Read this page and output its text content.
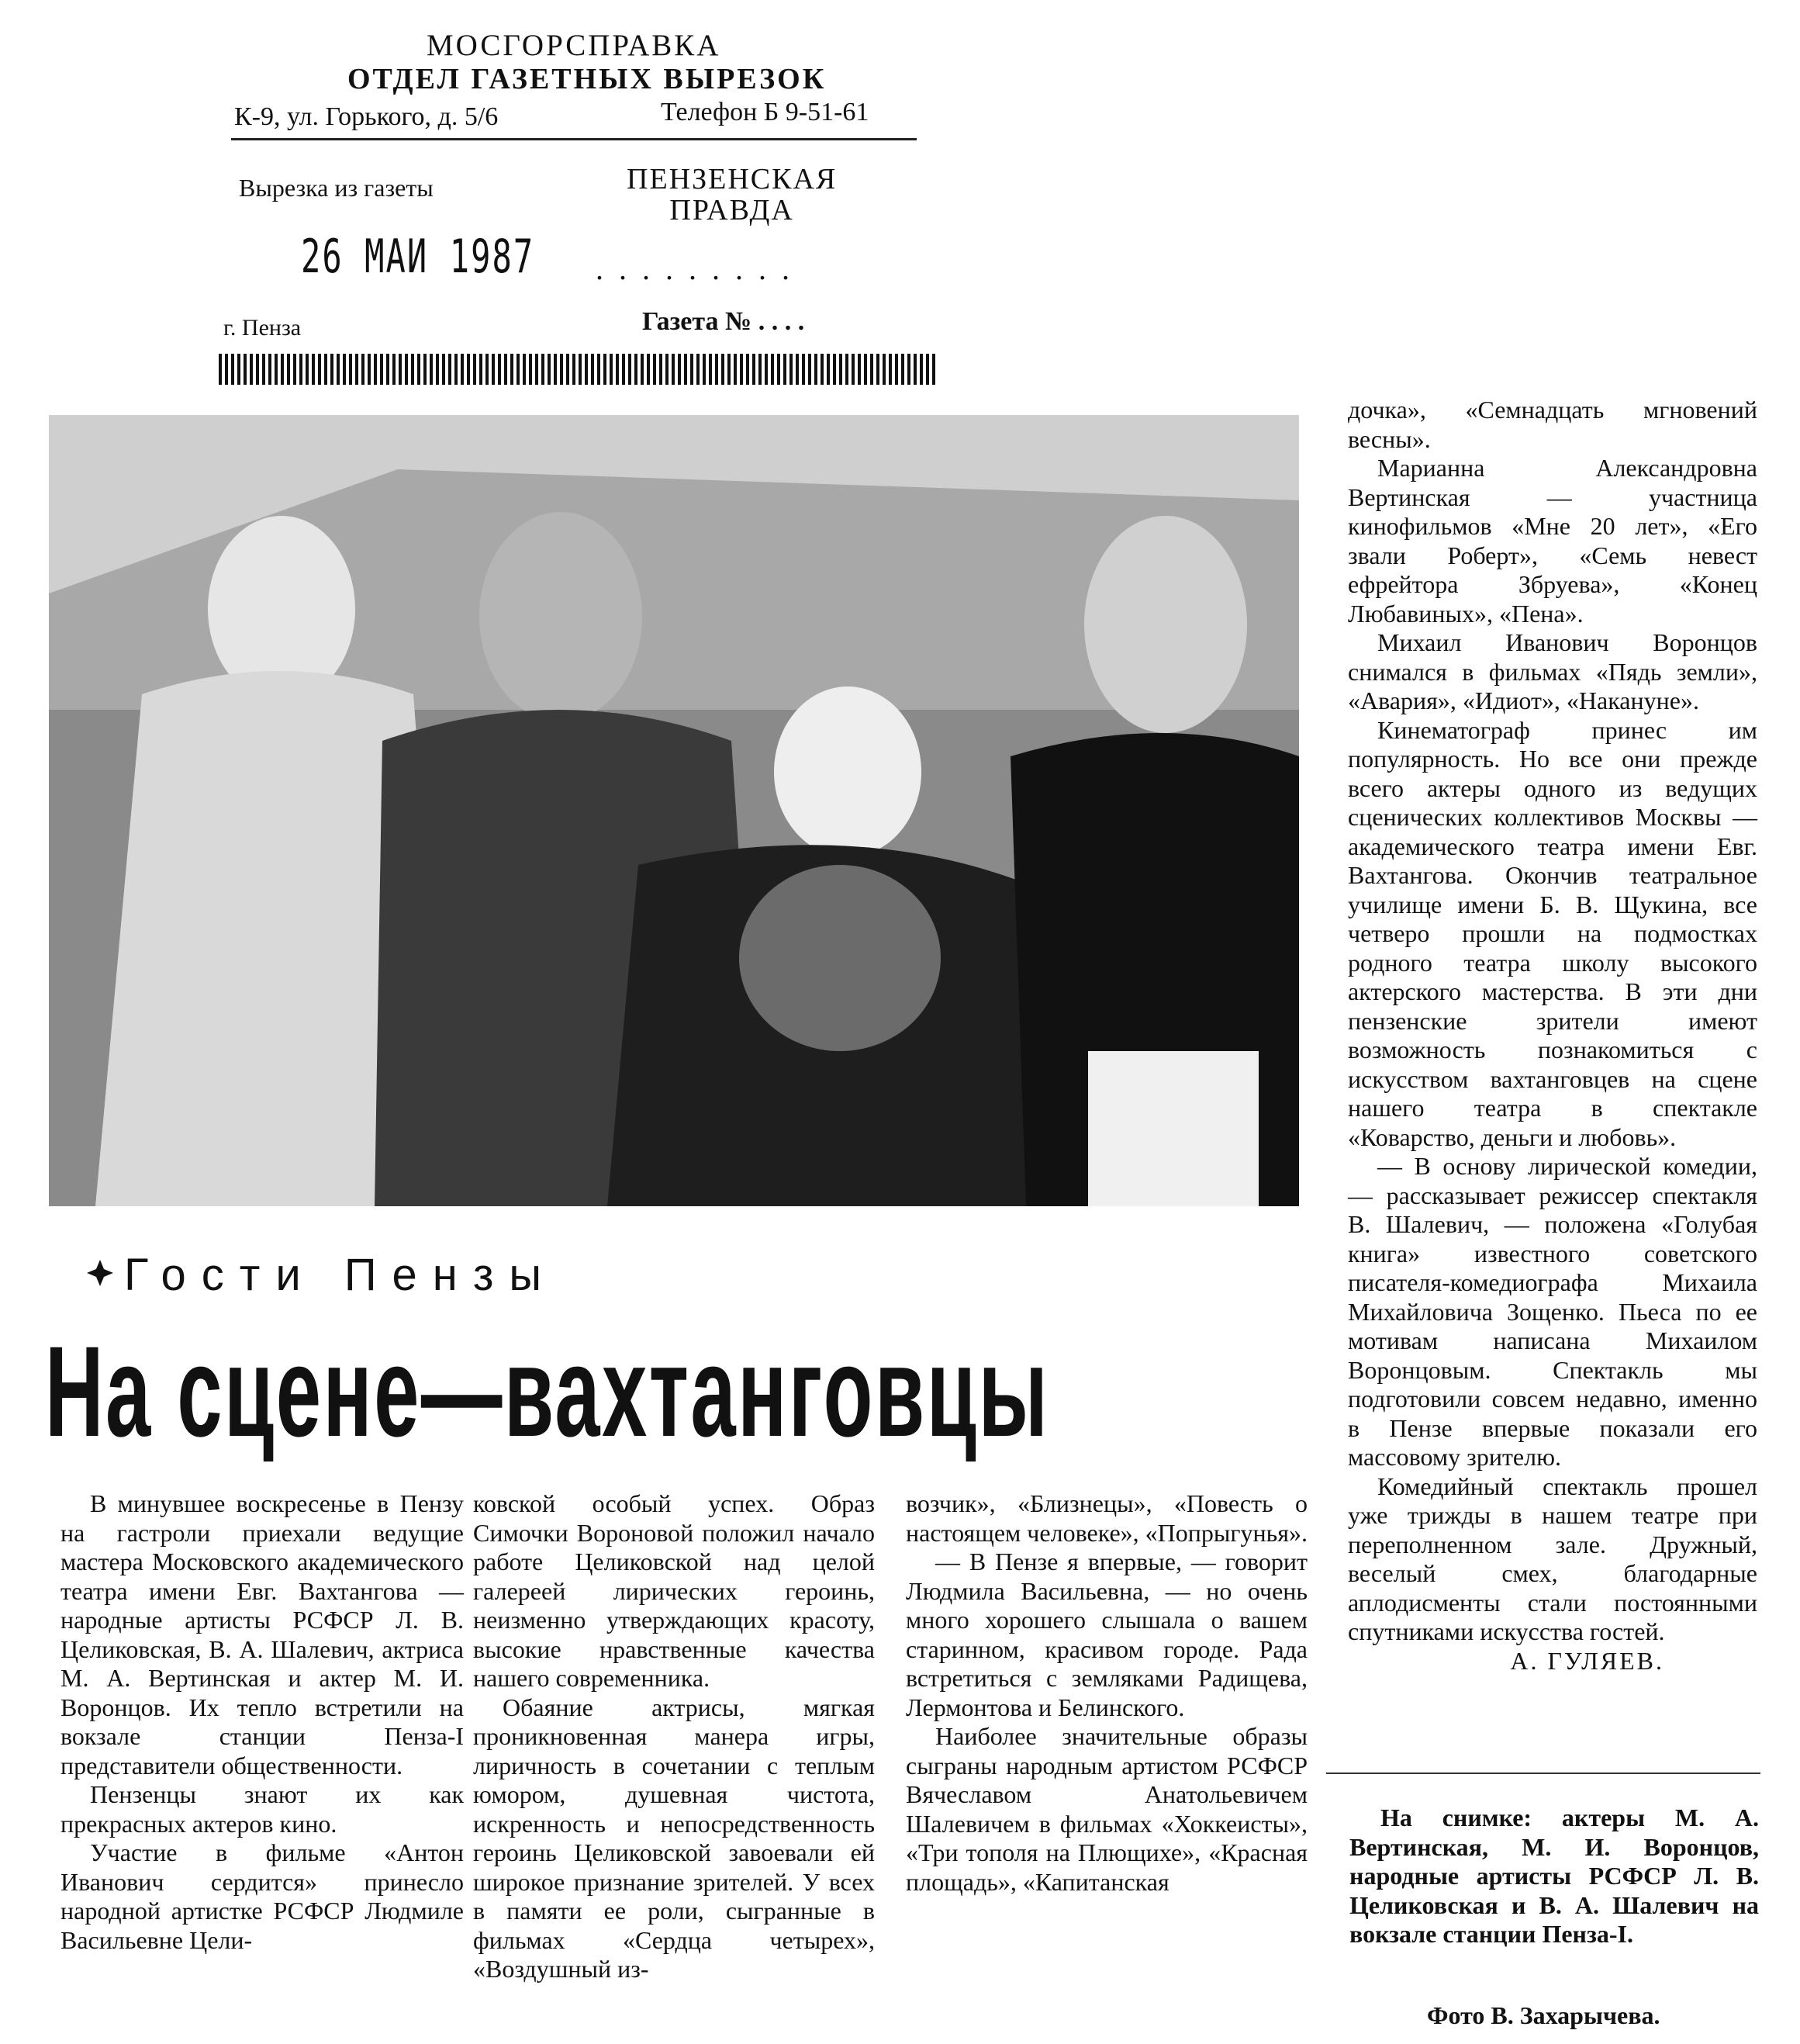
МОСГОРСПРАВКА
ОТДЕЛ ГАЗЕТНЫХ ВЫРЕЗОК
К-9, ул. Горького, д. 5/6	Телефон Б 9-51-61
Вырезка из газеты	ПЕНЗЕНСКАЯ
ПРАВДА
26 МАИ 1987 .........
г. Пенза	Газета № . . . .
Гости Пензы
На сцене—вахтанговцы

В минувшее воскресенье в Пензу на гастроли приехали ведущие мастера Московского академического театра имени Евг. Вахтангова — народные артисты РСФСР Л. В. Целиковская, В. А. Шалевич, актриса М. А. Вертинская и актер М. И. Воронцов. Их тепло встретили на вокзале станции Пенза-I представители общественности.

Пензенцы знают их как прекрасных актеров кино.

Участие в фильме «Антон Иванович сердится» принесло народной артистке РСФСР Людмиле Васильевне Цели-

ковской особый успех. Образ Симочки Вороновой положил начало работе Целиковской над целой галереей лирических героинь, неизменно утверждающих красоту, высокие нравственные качества нашего современника.

Обаяние актрисы, мягкая проникновенная манера игры, лиричность в сочетании с теплым юмором, душевная чистота, искренность и непосредственность героинь Целиковской завоевали ей широкое признание зрителей. У всех в памяти ее роли, сыгранные в фильмах «Сердца четырех», «Воздушный из-

возчик», «Близнецы», «Повесть о настоящем человеке», «Попрыгунья».

— В Пензе я впервые, — говорит Людмила Васильевна, — но очень много хорошего слышала о вашем старинном, красивом городе. Рада встретиться с земляками Радищева, Лермонтова и Белинского.

Наиболее значительные образы сыграны народным артистом РСФСР Вячеславом Анатольевичем Шалевичем в фильмах «Хоккеисты», «Три тополя на Плющихе», «Красная площадь», «Капитанская

дочка», «Семнадцать мгновений весны».

Марианна Александровна Вертинская — участница кинофильмов «Мне 20 лет», «Его звали Роберт», «Семь невест ефрейтора Збруева», «Конец Любавиных», «Пена».

Михаил Иванович Воронцов снимался в фильмах «Пядь земли», «Авария», «Идиот», «Накануне».

Кинематограф принес им популярность. Но все они прежде всего актеры одного из ведущих сценических коллективов Москвы — академического театра имени Евг. Вахтангова. Окончив театральное училище имени Б. В. Щукина, все четверо прошли на подмостках родного театра школу высокого актерского мастерства. В эти дни пензенские зрители имеют возможность познакомиться с искусством вахтанговцев на сцене нашего театра в спектакле «Коварство, деньги и любовь».

— В основу лирической комедии, — рассказывает режиссер спектакля В. Шалевич, — положена «Голубая книга» известного советского писателя-комедиографа Михаила Михайловича Зощенко. Пьеса по ее мотивам написана Михаилом Воронцовым. Спектакль мы подготовили совсем недавно, именно в Пензе впервые показали его массовому зрителю.

Комедийный спектакль прошел уже трижды в нашем театре при переполненном зале. Дружный, веселый смех, благодарные аплодисменты стали постоянными спутниками искусства гостей.

А. ГУЛЯЕВ.

На снимке: актеры М. А. Вертинская, М. И. Воронцов, народные артисты РСФСР Л. В. Целиковская и В. А. Шалевич на вокзале станции Пенза-I.

Фото В. Захарычева.
